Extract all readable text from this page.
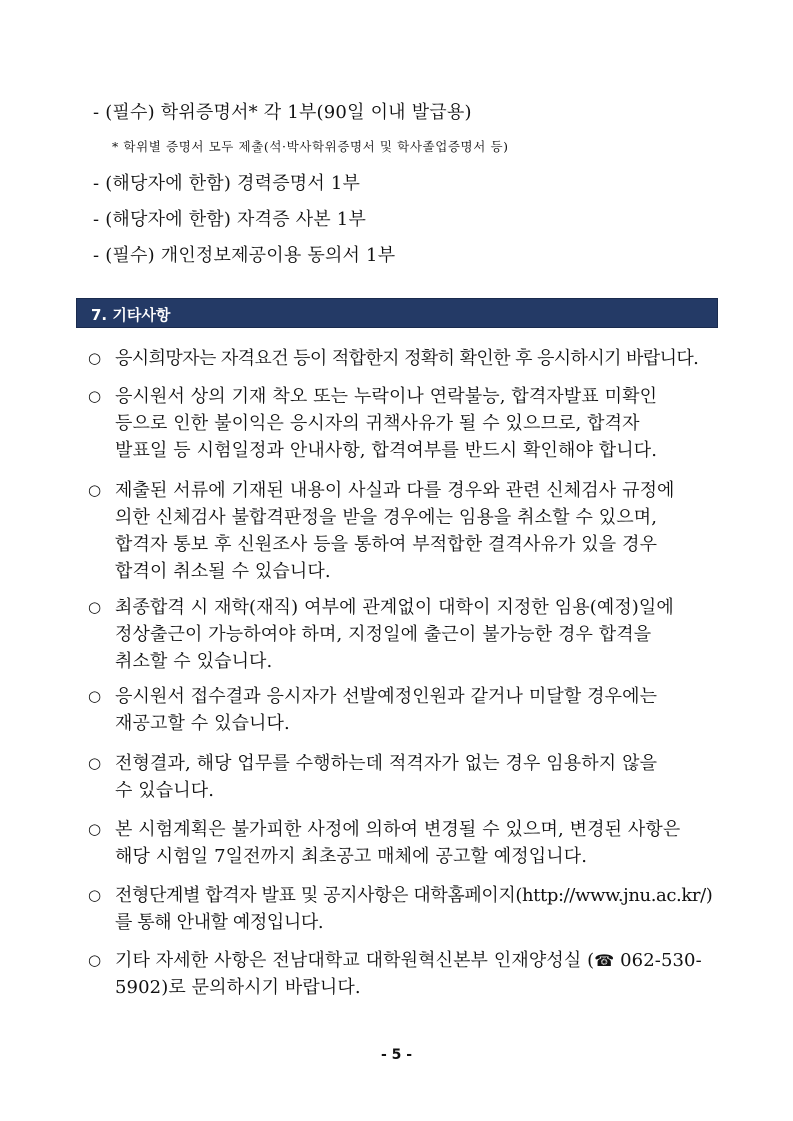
- (필수) 학위증명서* 각 1부(90일 이내 발급용)
* 학위별 증명서 모두 제출(석·박사학위증명서 및 학사졸업증명서 등)
- (해당자에 한함) 경력증명서 1부
- (해당자에 한함) 자격증 사본 1부
- (필수) 개인정보제공이용 동의서 1부
7. 기타사항
○ 응시희망자는 자격요건 등이 적합한지 정확히 확인한 후 응시하시기 바랍니다.
○ 응시원서 상의 기재 착오 또는 누락이나 연락불능, 합격자발표 미확인
등으로 인한 불이익은 응시자의 귀책사유가 될 수 있으므로, 합격자
발표일 등 시험일정과 안내사항, 합격여부를 반드시 확인해야 합니다.
○ 제출된 서류에 기재된 내용이 사실과 다를 경우와 관련 신체검사 규정에
의한 신체검사 불합격판정을 받을 경우에는 임용을 취소할 수 있으며,
합격자 통보 후 신원조사 등을 통하여 부적합한 결격사유가 있을 경우
합격이 취소될 수 있습니다.
○ 최종합격 시 재학(재직) 여부에 관계없이 대학이 지정한 임용(예정)일에
정상출근이 가능하여야 하며, 지정일에 출근이 불가능한 경우 합격을
취소할 수 있습니다.
○ 응시원서 접수결과 응시자가 선발예정인원과 같거나 미달할 경우에는
재공고할 수 있습니다.
○ 전형결과, 해당 업무를 수행하는데 적격자가 없는 경우 임용하지 않을
수 있습니다.
○ 본 시험계획은 불가피한 사정에 의하여 변경될 수 있으며, 변경된 사항은
해당 시험일 7일전까지 최초공고 매체에 공고할 예정입니다.
○ 전형단계별 합격자 발표 및 공지사항은 대학홈페이지(http://www.jnu.ac.kr/)
를 통해 안내할 예정입니다.
○ 기타 자세한 사항은 전남대학교 대학원혁신본부 인재양성실 (☎ 062-530-
5902)로 문의하시기 바랍니다.
- 5 -
